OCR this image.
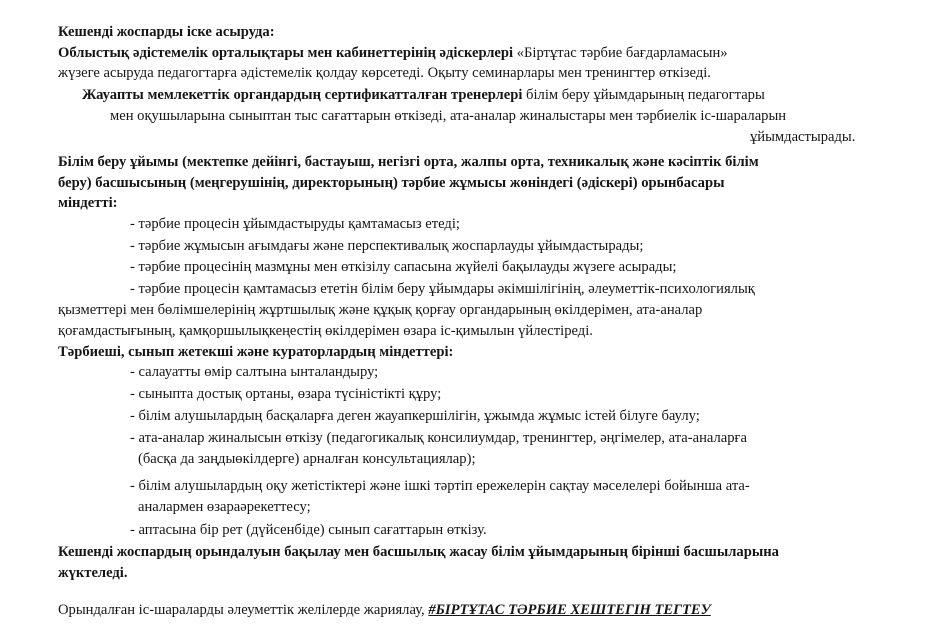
Кешенді жоспарды іске асыруда:
Облыстық әдістемелік орталықтары мен кабинеттерінің әдіскерлері «Біртұтас тәрбие бағдарламасын»
жүзеге асыруда педагогтарға әдістемелік қолдау көрсетеді. Оқыту семинарлары мен тренингтер өткізеді.
Жауапты мемлекеттік органдардың сертификатталған тренерлері білім беру ұйымдарының педагогтары
мен оқушыларына сыныптан тыс сағаттарын өткізеді, ата-аналар жиналыстары мен тәрбиелік іс-шараларын
ұйымдастырады.
Білім беру ұйымы (мектепке дейінгі, бастауыш, негізгі орта, жалпы орта, техникалық және кәсіптік білім
беру) басшысының (меңгерушінің, директорының) тәрбие жұмысы жөніндегі (әдіскері) орынбасары
міндетті:
- тәрбие процесін ұйымдастыруды қамтамасыз етеді;
- тәрбие жұмысын ағымдағы және перспективалық жоспарлауды ұйымдастырады;
- тәрбие процесінің мазмұны мен өткізілу сапасына жүйелі бақылауды жүзеге асырады;
- тәрбие процесін қамтамасыз ететін білім беру ұйымдары әкімшілігінің, әлеуметтік-психологиялық
қызметтері мен бөлімшелерінің жұртшылық және құқық қорғау органдарының өкілдерімен, ата-аналар
қоғамдастығының, қамқоршылықкеңестің өкілдерімен өзара іс-қимылын үйлестіреді.
Тәрбиеші, сынып жетекші және кураторлардың міндеттері:
- салауатты өмір салтына ынталандыру;
- сыныпта достық ортаны, өзара түсіністікті құру;
- білім алушылардың басқаларға деген жауапкершілігін, ұжымда жұмыс істей білуге баулу;
- ата-аналар жиналысын өткізу (педагогикалық консилиумдар, тренингтер, әңгімелер, ата-аналарға
(басқа да заңдыөкілдерге) арналған консультациялар);
- білім алушылардың оқу жетістіктері және ішкі тәртіп ережелерін сақтау мәселелері бойынша ата-
аналармен өзараәрекеттесу;
- аптасына бір рет (дүйсенбіде) сынып сағаттарын өткізу.
Кешенді жоспардың орындалуын бақылау мен басшылық жасау білім ұйымдарының бірінші басшыларына
жүктеледі.
Орындалған іс-шараларды әлеуметтік желілерде жариялау, #БІРТҰТАС ТӘРБИЕ ХЕШТЕГІН ТЕГТЕУ
